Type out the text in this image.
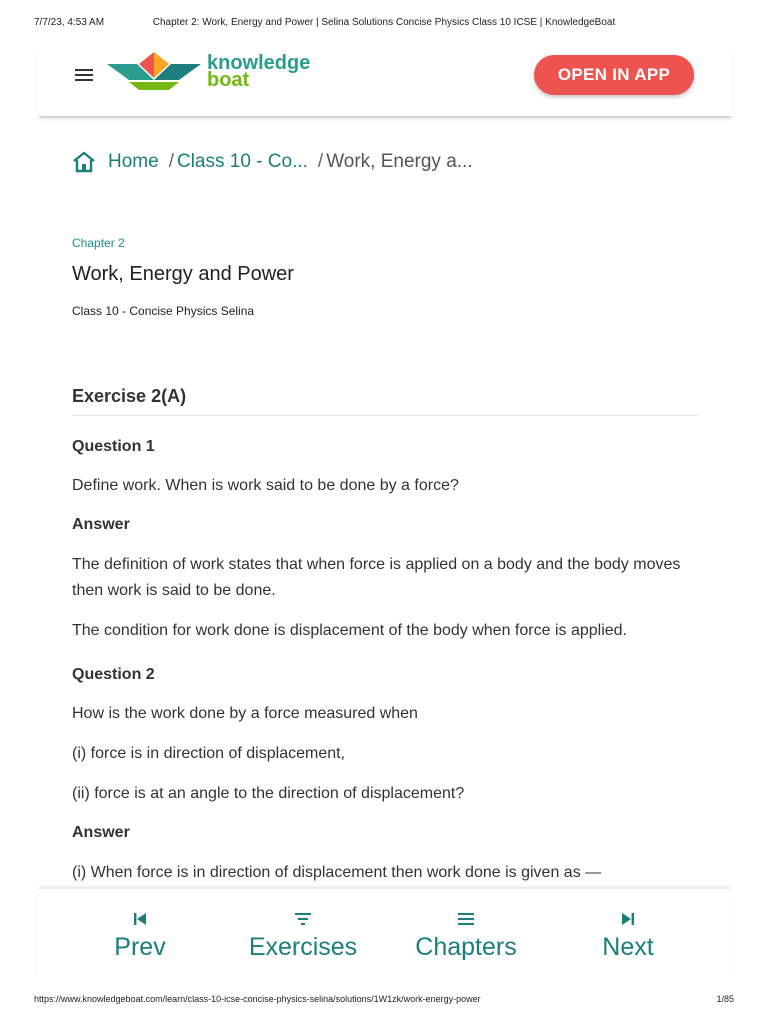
7/7/23, 4:53 AM	Chapter 2: Work, Energy and Power | Selina Solutions Concise Physics Class 10 ICSE | KnowledgeBoat
knowledge
boat	OPEN IN APP
Home / Class 10 - Co... / Work, Energy a...
Chapter 2
Work, Energy and Power
Class 10 - Concise Physics Selina
Exercise 2(A)

Question 1

Define work. When is work said to be done by a force?

Answer

The definition of work states that when force is applied on a body and the body moves then work is said to be done.

The condition for work done is displacement of the body when force is applied.

Question 2

How is the work done by a force measured when

(i) force is in direction of displacement,

(ii) force is at an angle to the direction of displacement?

Answer

(i) When force is in direction of displacement then work done is given as —

Prev	Exercises	Chapters	Next
https://www.knowledgeboat.com/learn/class-10-icse-concise-physics-selina/solutions/1W1zk/work-energy-power	1/85
